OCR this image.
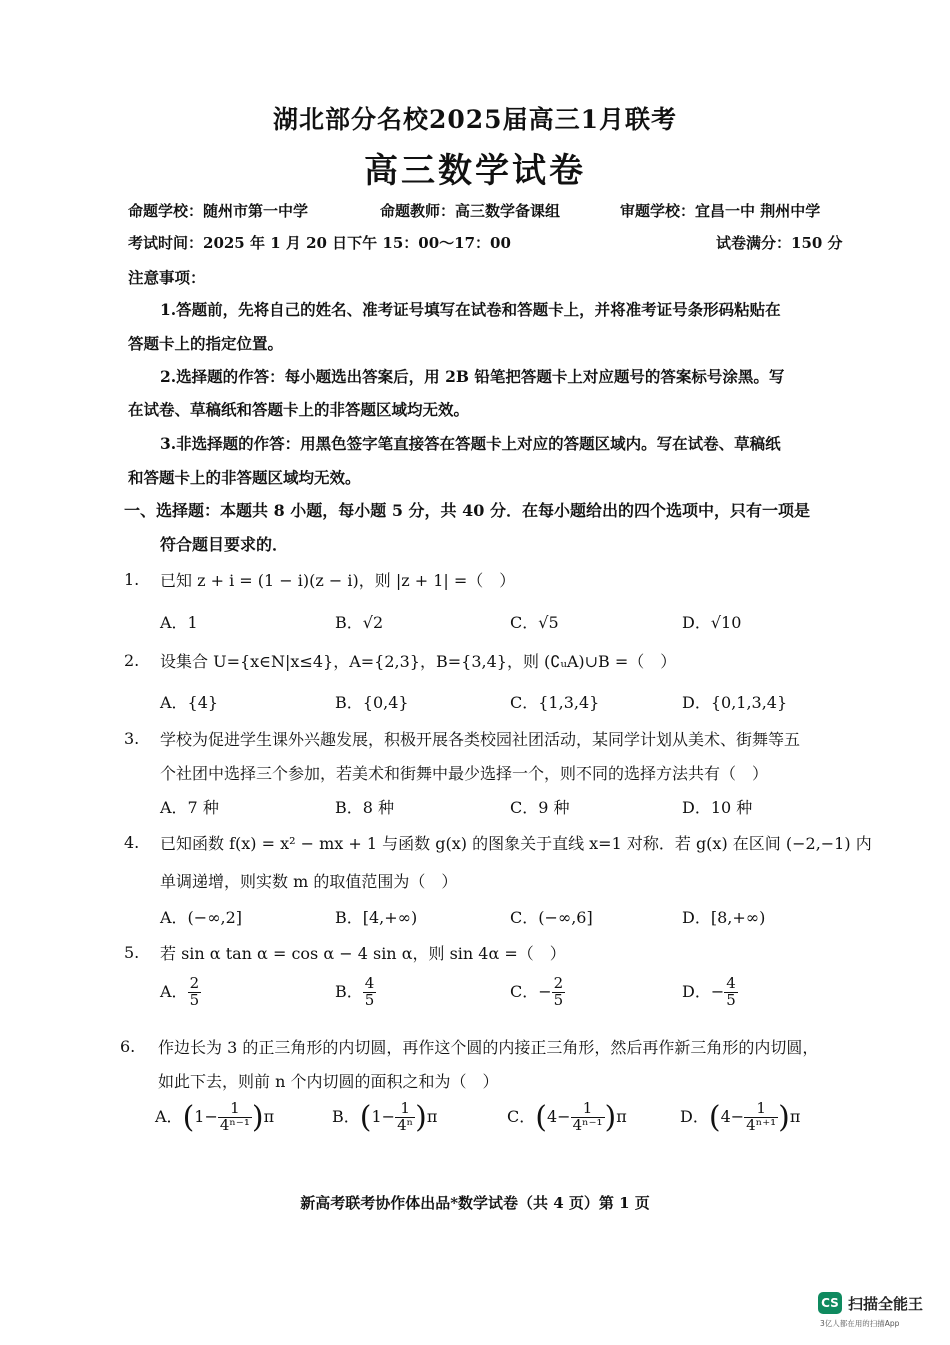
湖北部分名校2025届高三1月联考
高三数学试卷
命题学校：随州市第一中学	命题教师：高三数学备课组	审题学校：宜昌一中 荆州中学
考试时间：2025 年 1 月 20 日下午 15：00～17：00	试卷满分：150 分
注意事项：
1.答题前，先将自己的姓名、准考证号填写在试卷和答题卡上，并将准考证号条形码粘贴在
答题卡上的指定位置。
2.选择题的作答：每小题选出答案后，用 2B 铅笔把答题卡上对应题号的答案标号涂黑。写
在试卷、草稿纸和答题卡上的非答题区域均无效。
3.非选择题的作答：用黑色签字笔直接答在答题卡上对应的答题区域内。写在试卷、草稿纸
和答题卡上的非答题区域均无效。
一、选择题：本题共 8 小题，每小题 5 分，共 40 分．在每小题给出的四个选项中，只有一项是
符合题目要求的．
1. 已知 z + i = (1 − i)(z − i)，则 |z + 1| =（　）
A．1	B．√2	C．√5	D．√10
2. 设集合 U={x∈N|x≤4}，A={2,3}，B={3,4}，则 (∁ᵤA)∪B =（　）
A．{4}	B．{0,4}	C．{1,3,4}	D．{0,1,3,4}
3. 学校为促进学生课外兴趣发展，积极开展各类校园社团活动，某同学计划从美术、街舞等五
个社团中选择三个参加，若美术和街舞中最少选择一个，则不同的选择方法共有（　）
A．7 种	B．8 种	C．9 种	D．10 种
4. 已知函数 f(x) = x² − mx + 1 与函数 g(x) 的图象关于直线 x=1 对称．若 g(x) 在区间 (−2,−1) 内
单调递增，则实数 m 的取值范围为（　）
A．(−∞,2]	B．[4,+∞)	C．(−∞,6]	D．[8,+∞)
5. 若 sin α tan α = cos α − 4 sin α，则 sin 4α =（　）
A． $\frac{2}{5}$	B． $\frac{4}{5}$	C．− $\frac{2}{5}$	D．− $\frac{4}{5}$
6. 作边长为 3 的正三角形的内切圆，再作这个圆的内接正三角形，然后再作新三角形的内切圆，
如此下去，则前 n 个内切圆的面积之和为（　）
A．$(1- \frac{1}{\text{4ⁿ⁻¹}} )\pi$	B．$(1- \frac{1}{\text{4ⁿ}} )\pi$	C．$(4- \frac{1}{\text{4ⁿ⁻¹}} )\pi$	D．$(4- \frac{1}{\text{4ⁿ⁺¹}} )\pi$
新高考联考协作体出品*数学试卷（共 4 页）第 1 页
CS 扫描全能王
3亿人都在用的扫描App
